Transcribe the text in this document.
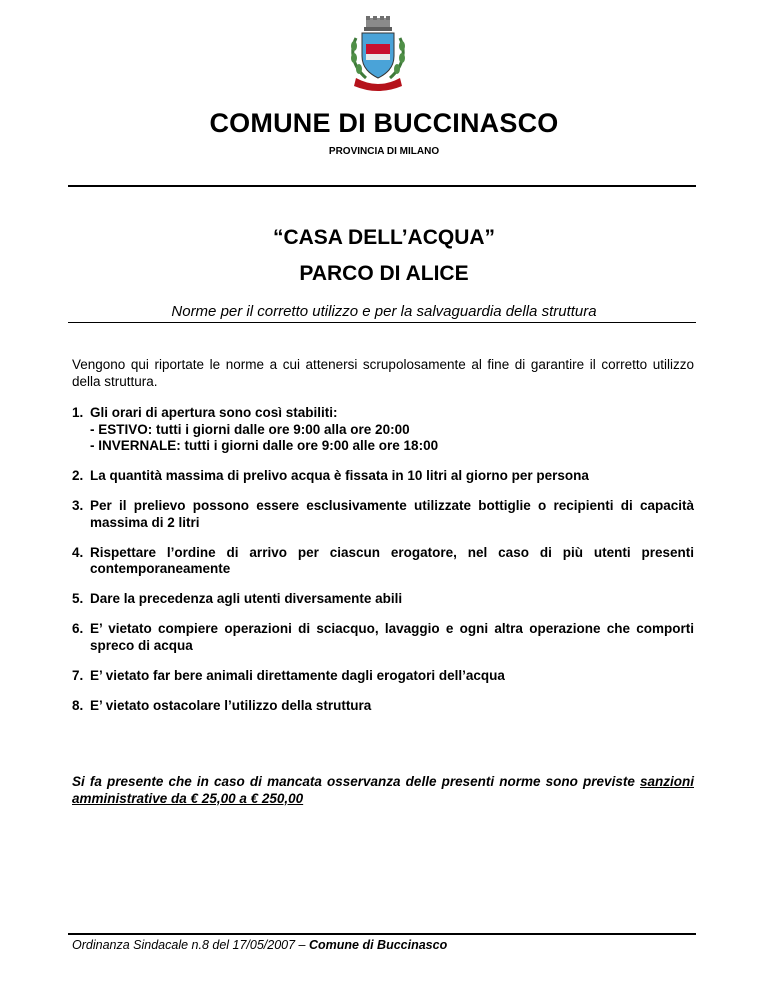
COMUNE DI BUCCINASCO
PROVINCIA DI MILANO
“CASA DELL’ACQUA”
PARCO DI ALICE
Norme per il corretto utilizzo e per la salvaguardia della struttura
Vengono qui riportate le norme a cui attenersi scrupolosamente al fine di garantire il corretto utilizzo della struttura.
1. Gli orari di apertura sono così stabiliti:
- ESTIVO: tutti i giorni dalle ore 9:00 alla ore 20:00
- INVERNALE: tutti i giorni dalle ore 9:00 alle ore 18:00
2. La quantità massima di prelivo acqua è fissata in 10 litri al giorno per persona
3. Per il prelievo possono essere esclusivamente utilizzate bottiglie o recipienti di capacità massima di 2 litri
4. Rispettare l’ordine di arrivo per ciascun erogatore, nel caso di più utenti presenti contemporaneamente
5. Dare la precedenza agli utenti diversamente abili
6. E’ vietato compiere operazioni di sciacquo, lavaggio e ogni altra operazione che comporti spreco di acqua
7. E’ vietato far bere animali direttamente dagli erogatori dell’acqua
8. E’ vietato ostacolare l’utilizzo della struttura
Si fa presente che in caso di mancata osservanza delle presenti norme sono previste sanzioni amministrative da € 25,00 a € 250,00
Ordinanza Sindacale n.8 del 17/05/2007 – Comune di Buccinasco
